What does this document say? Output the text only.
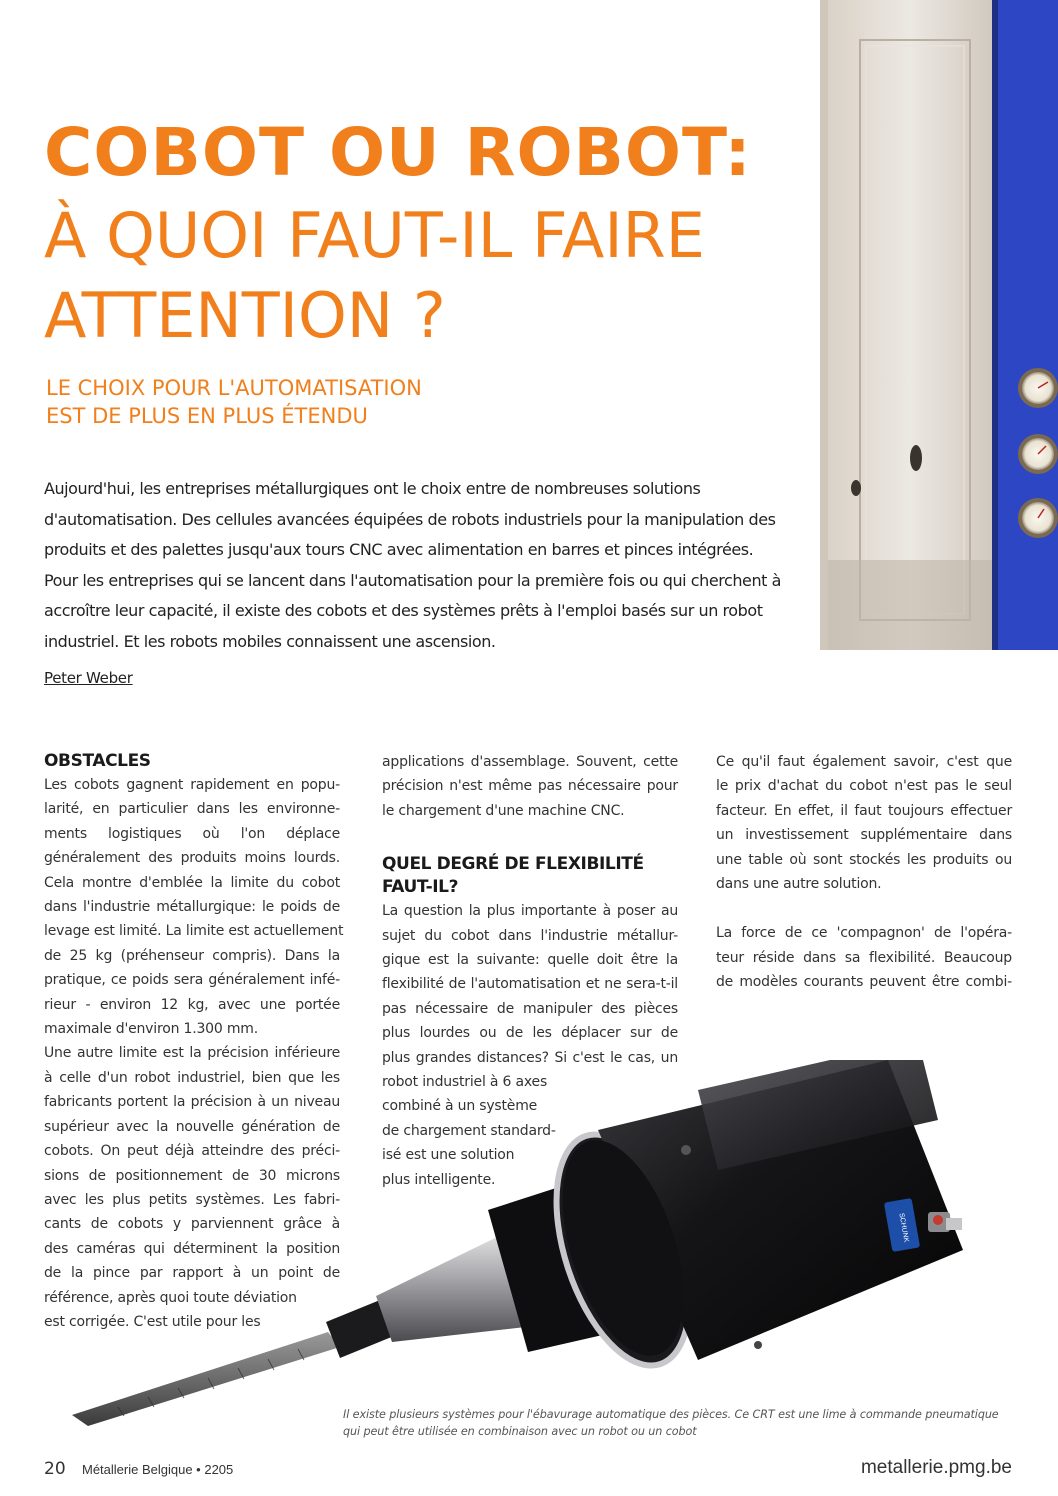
COBOT OU ROBOT:
À QUOI FAUT-IL FAIRE
ATTENTION ?
LE CHOIX POUR L'AUTOMATISATION
EST DE PLUS EN PLUS ÉTENDU
Aujourd'hui, les entreprises métallurgiques ont le choix entre de nombreuses solutions
d'automatisation. Des cellules avancées équipées de robots industriels pour la manipulation des
produits et des palettes jusqu'aux tours CNC avec alimentation en barres et pinces intégrées.
Pour les entreprises qui se lancent dans l'automatisation pour la première fois ou qui cherchent à
accroître leur capacité, il existe des cobots et des systèmes prêts à l'emploi basés sur un robot
industriel. Et les robots mobiles connaissent une ascension.

Peter Weber

OBSTACLES
Les cobots gagnent rapidement en popu-
larité, en particulier dans les environne-
ments logistiques où l'on déplace
généralement des produits moins lourds.
Cela montre d'emblée la limite du cobot
dans l'industrie métallurgique: le poids de
levage est limité. La limite est actuellement
de 25 kg (préhenseur compris). Dans la
pratique, ce poids sera généralement infé-
rieur - environ 12 kg, avec une portée
maximale d'environ 1.300 mm.
Une autre limite est la précision inférieure
à celle d'un robot industriel, bien que les
fabricants portent la précision à un niveau
supérieur avec la nouvelle génération de
cobots. On peut déjà atteindre des préci-
sions de positionnement de 30 microns
avec les plus petits systèmes. Les fabri-
cants de cobots y parviennent grâce à
des caméras qui déterminent la position
de la pince par rapport à un point de
référence, après quoi toute déviation
est corrigée. C'est utile pour les
applications d'assemblage. Souvent, cette
précision n'est même pas nécessaire pour
le chargement d'une machine CNC.
QUEL DEGRÉ DE FLEXIBILITÉ
FAUT-IL?
La question la plus importante à poser au
sujet du cobot dans l'industrie métallur-
gique est la suivante: quelle doit être la
flexibilité de l'automatisation et ne sera-t-il
pas nécessaire de manipuler des pièces
plus lourdes ou de les déplacer sur de
plus grandes distances? Si c'est le cas, un
robot industriel à 6 axes
combiné à un système
de chargement standard-
isé est une solution
plus intelligente.
Ce qu'il faut également savoir, c'est que
le prix d'achat du cobot n'est pas le seul
facteur. En effet, il faut toujours effectuer
un investissement supplémentaire dans
une table où sont stockés les produits ou
dans une autre solution.
La force de ce 'compagnon' de l'opéra-
teur réside dans sa flexibilité. Beaucoup
de modèles courants peuvent être combi-
SCHUNK
Il existe plusieurs systèmes pour l'ébavurage automatique des pièces. Ce CRT est une lime à commande pneumatique
qui peut être utilisée en combinaison avec un robot ou un cobot

20 Métallerie Belgique • 2205	metallerie.pmg.be
